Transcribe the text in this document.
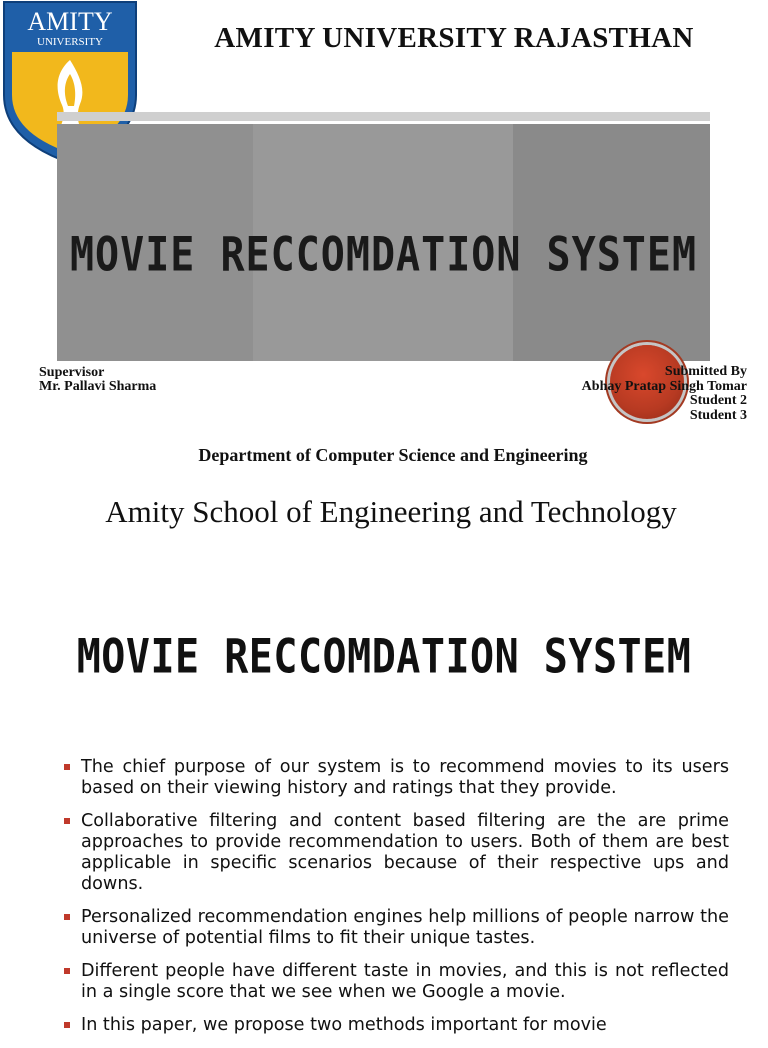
AMITY
UNIVERSITY	AMITY UNIVERSITY RAJASTHAN
MOVIE RECCOMDATION SYSTEM
Supervisor
Mr. Pallavi Sharma
Submitted By
Abhay Pratap Singh Tomar
Student 2
Student 3
Department of Computer Science and Engineering
Amity School of Engineering and Technology
MOVIE RECCOMDATION SYSTEM
The chief purpose of our system is to recommend movies to its users based on their viewing history and ratings that they provide.
Collaborative filtering and content based filtering are the are prime approaches to provide recommendation to users. Both of them are best applicable in specific scenarios because of their respective ups and downs.
Personalized recommendation engines help millions of people narrow the universe of potential films to fit their unique tastes.
Different people have different taste in movies, and this is not reflected in a single score that we see when we Google a movie.
In this paper, we propose two methods important for movie
